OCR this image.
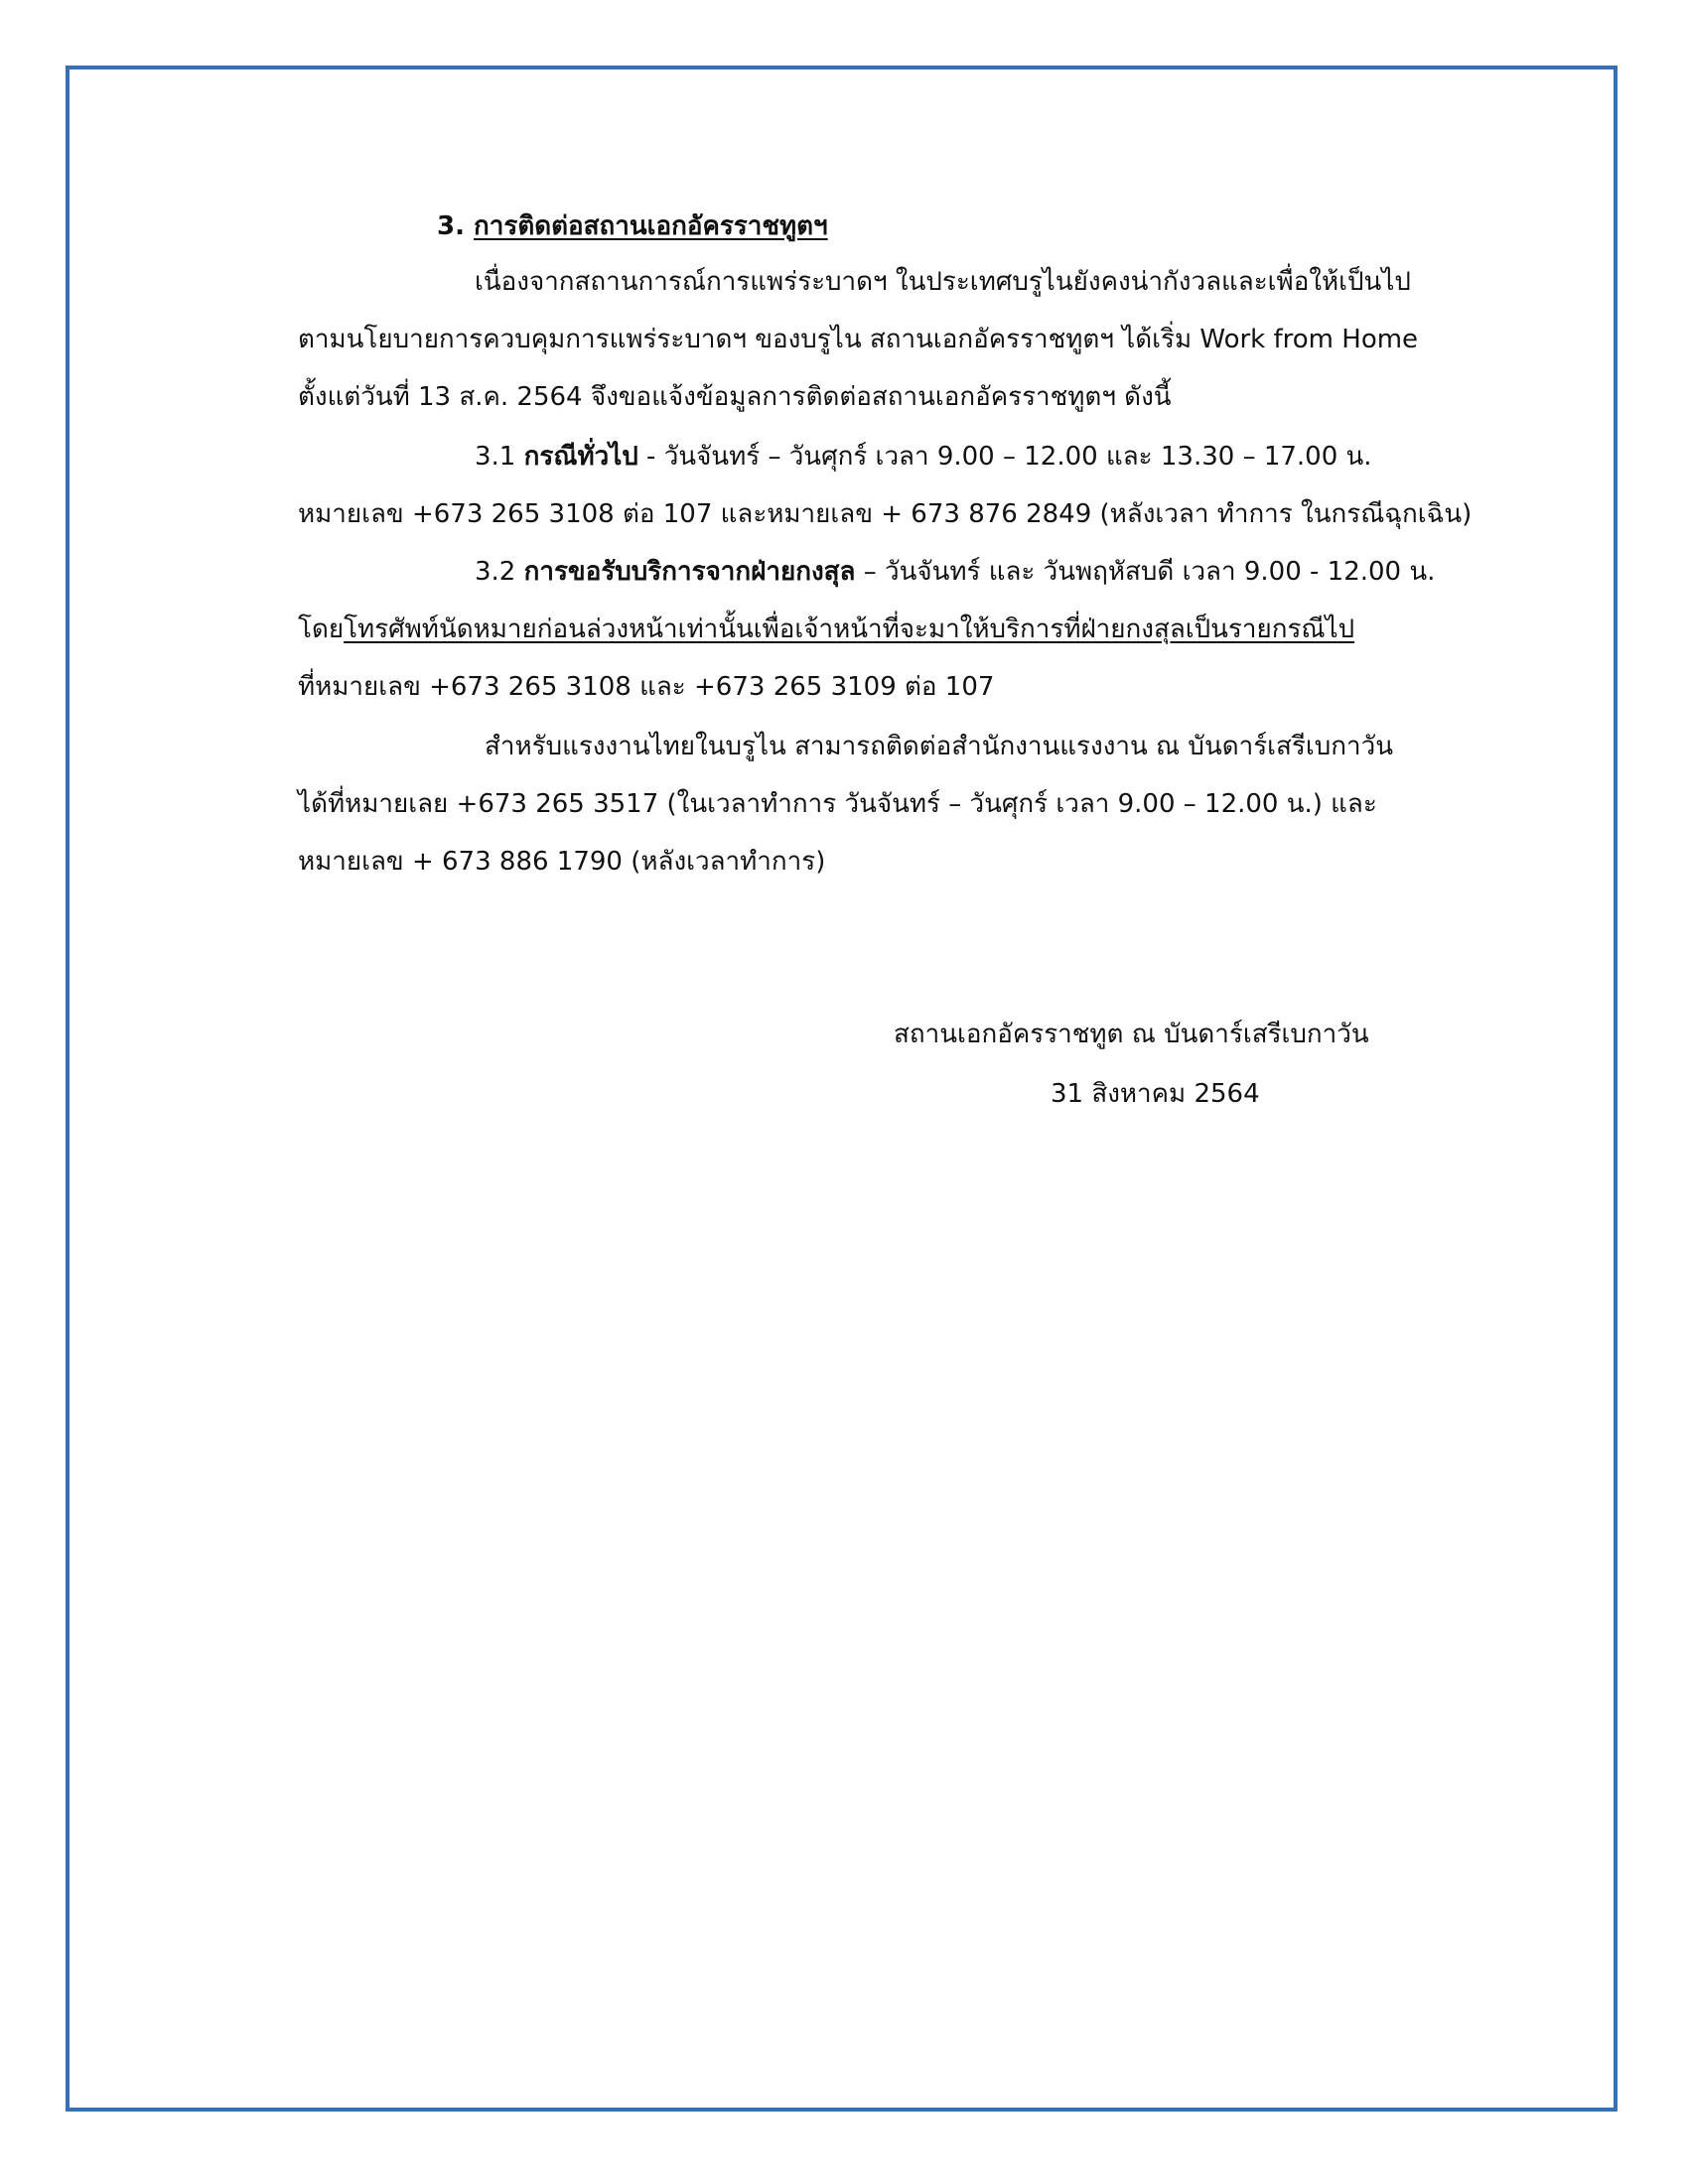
3. การติดต่อสถานเอกอัครราชทูตฯ
เนื่องจากสถานการณ์การแพร่ระบาดฯ ในประเทศบรูไนยังคงน่ากังวลและเพื่อให้เป็นไป
ตามนโยบายการควบคุมการแพร่ระบาดฯ ของบรูไน สถานเอกอัครราชทูตฯ ได้เริ่ม Work from Home
ตั้งแต่วันที่ 13 ส.ค. 2564 จึงขอแจ้งข้อมูลการติดต่อสถานเอกอัครราชทูตฯ ดังนี้
3.1 กรณีทั่วไป - วันจันทร์ – วันศุกร์ เวลา 9.00 – 12.00 และ 13.30 – 17.00 น.
หมายเลข +673 265 3108 ต่อ 107 และหมายเลข + 673 876 2849 (หลังเวลา ทำการ ในกรณีฉุกเฉิน)
3.2 การขอรับบริการจากฝ่ายกงสุล – วันจันทร์ และ วันพฤหัสบดี เวลา 9.00 - 12.00 น.
โดยโทรศัพท์นัดหมายก่อนล่วงหน้าเท่านั้นเพื่อเจ้าหน้าที่จะมาให้บริการที่ฝ่ายกงสุลเป็นรายกรณีไป
ที่หมายเลข +673 265 3108 และ +673 265 3109 ต่อ 107
สำหรับแรงงานไทยในบรูไน สามารถติดต่อสำนักงานแรงงาน ณ บันดาร์เสรีเบกาวัน
ได้ที่หมายเลย +673 265 3517 (ในเวลาทำการ วันจันทร์ – วันศุกร์ เวลา 9.00 – 12.00 น.) และ
หมายเลข + 673 886 1790 (หลังเวลาทำการ)
สถานเอกอัครราชทูต ณ บันดาร์เสรีเบกาวัน
31 สิงหาคม 2564
